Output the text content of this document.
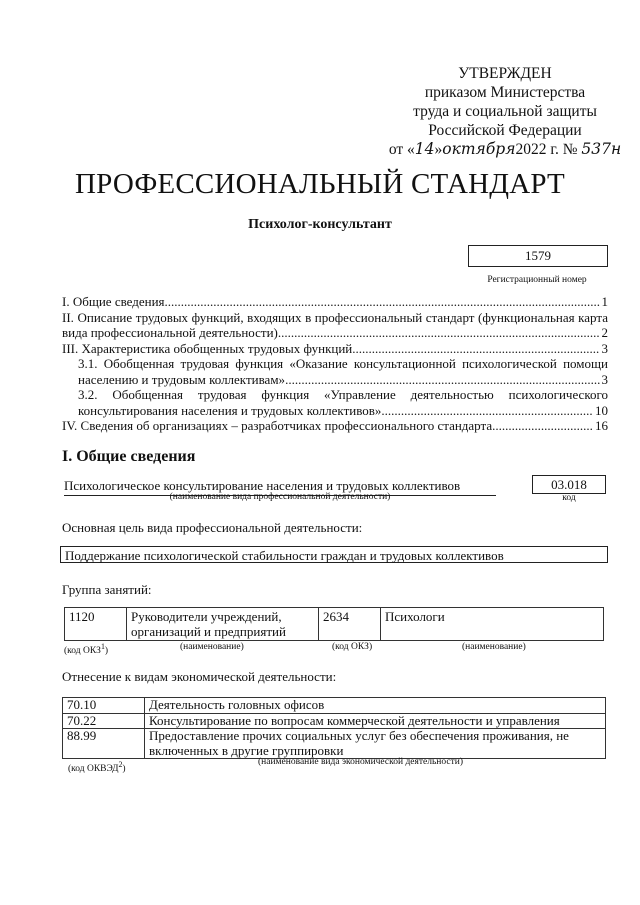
УТВЕРЖДЕН
приказом Министерства
труда и социальной защиты
Российской Федерации
от «14»октября2022 г. № 537н
ПРОФЕССИОНАЛЬНЫЙ СТАНДАРТ
Психолог-консультант
1579
Регистрационный номер
I. Общие сведения .....	1
II. Описание трудовых функций, входящих в профессиональный стандарт (функциональная карта
вида профессиональной деятельности) .....	2
III. Характеристика обобщенных трудовых функций .....	3
3.1. Обобщенная трудовая функция «Оказание консультационной психологической помощи
населению и трудовым коллективам» .....	3
3.2. Обобщенная трудовая функция «Управление деятельностью психологического
консультирования населения и трудовых коллективов» .....	10
IV. Сведения об организациях – разработчиках профессионального стандарта .....	16
I. Общие сведения
Психологическое консультирование населения и трудовых коллективов
(наименование вида профессиональной деятельности)
03.018
код
Основная цель вида профессиональной деятельности:
Поддержание психологической стабильности граждан и трудовых коллективов
Группа занятий:
1120	Руководители учреждений, организаций и предприятий	2634	Психологи
(код ОКЗ$^1$)	(наименование)	(код ОКЗ)	(наименование)
Отнесение к видам экономической деятельности:
70.10	Деятельность головных офисов
70.22	Консультирование по вопросам коммерческой деятельности и управления
88.99	Предоставление прочих социальных услуг без обеспечения проживания, не включенных в другие группировки
(код ОКВЭД$^2$)
(наименование вида экономической деятельности)
